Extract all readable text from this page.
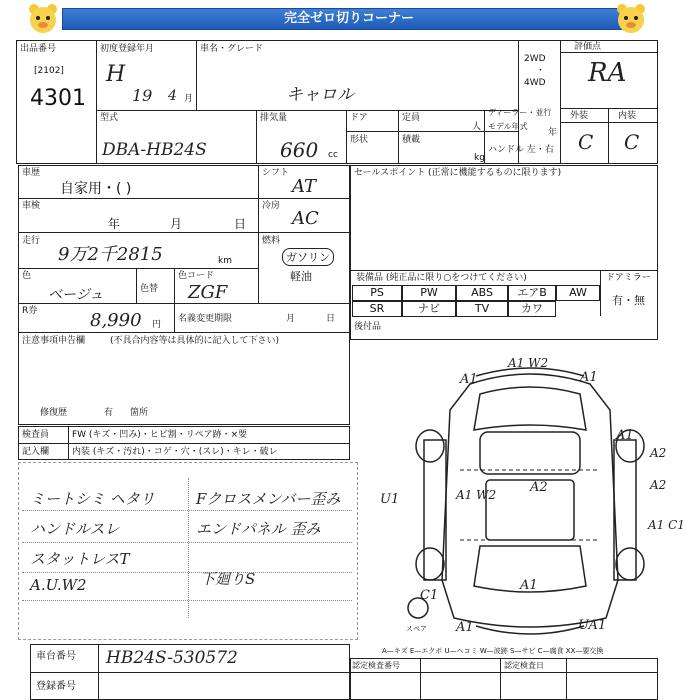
完全ゼロ切りコーナー
出品番号
[2102]
4301
初度登録年月
H
19 4 月
車名・グレード
キャロル
2WD
・
4WD
評価点
RA
外装	内装
C C
型式
DBA-HB24S
排気量
660 cc
ドア
形状
定員
人
積載
kg
ディーラー・並行
モデル年式
年
ハンドル 左・右
車歴
自家用・( )
シフト
AT
車検
年	月	日
冷房
AC
走行
9万2千2815	km
燃料
ガソリン
軽油
色
ベージュ	色替
色コード
ZGF
R券	8,990 円
名義変更期限	月	日
注意事項申告欄	(不具合内容等は具体的に記入して下さい)
修復歴	有 箇所
セールスポイント (正常に機能するものに限ります)
装備品 (純正品に限り○をつけてください)	ドアミラー
有・無
PS	PW	ABS	エアB	AW
SR	ナビ	TV	カワ
後付品
検査員
記入欄
FW (キズ・凹み)・ヒビ割・リペア跡・×要
内装 (キズ・汚れ)・コゲ・穴・(スレ)・キレ・破レ
ミートシミ ヘタリ
ハンドルスレ
スタットレスT
A.U.W2
Fクロスメンバー歪み
エンドパネル 歪み
下廻りS
A1 W2
A1	A1
A1
A2
A2
A1 W2
U1
A2
A1 C1
A1
C1
A1	UA1
スペア
A—キズ E—エクボ U—ヘコミ W—波跡 S—サビ C—腐食 XX—要交換
車台番号 HB24S-530572
登録番号
認定検査番号	認定検査日
